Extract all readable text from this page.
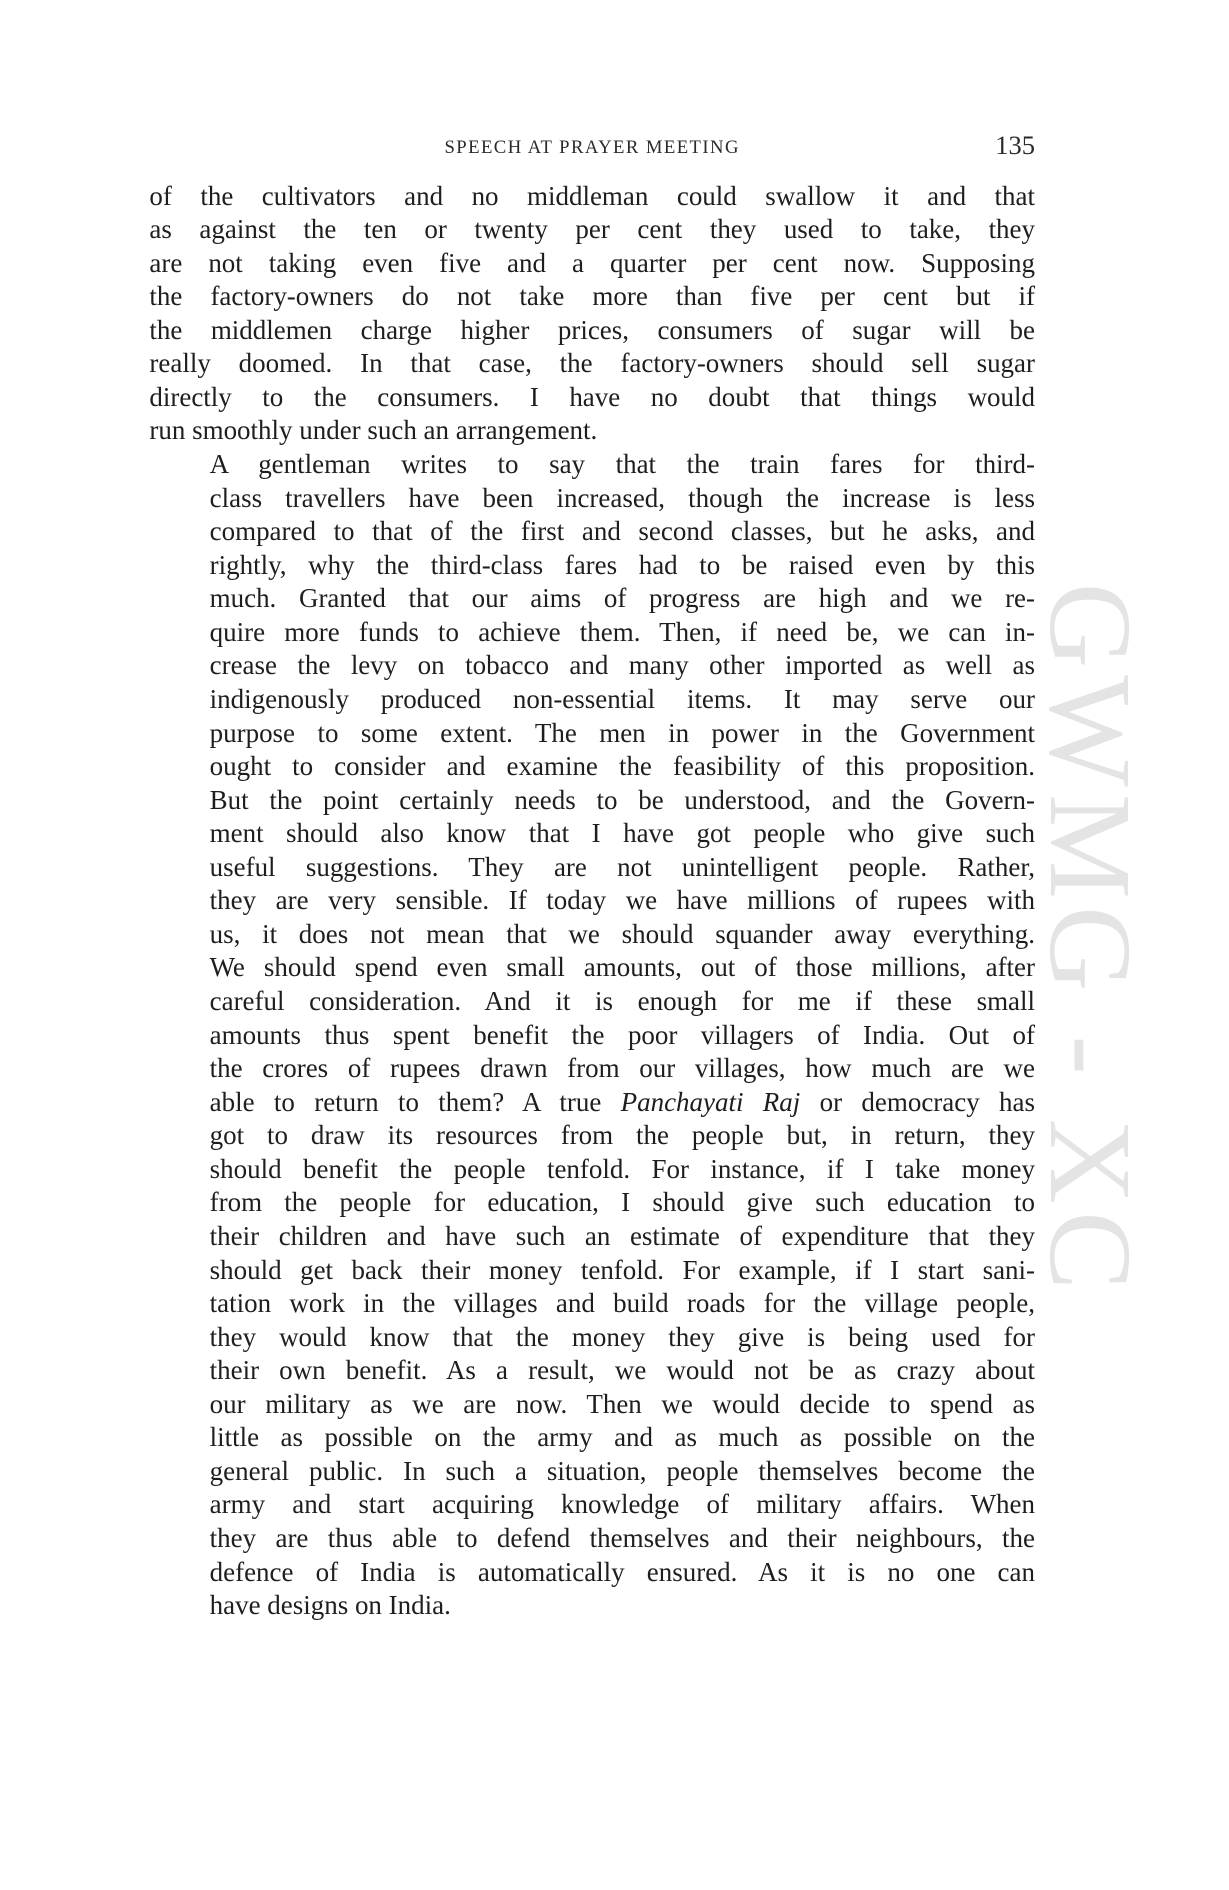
GWMG - XC
SPEECH AT PRAYER MEETING	135

of the cultivators and no middleman could swallow it and that
as against the ten or twenty per cent they used to take, they
are not taking even five and a quarter per cent now. Supposing
the factory-owners do not take more than five per cent but if
the middlemen charge higher prices, consumers of sugar will be
really doomed. In that case, the factory-owners should sell sugar
directly to the consumers. I have no doubt that things would
run smoothly under such an arrangement.

A gentleman writes to say that the train fares for third-
class travellers have been increased, though the increase is less
compared to that of the first and second classes, but he asks, and
rightly, why the third-class fares had to be raised even by this
much. Granted that our aims of progress are high and we re-
quire more funds to achieve them. Then, if need be, we can in-
crease the levy on tobacco and many other imported as well as
indigenously produced non-essential items. It may serve our
purpose to some extent. The men in power in the Government
ought to consider and examine the feasibility of this proposition.
But the point certainly needs to be understood, and the Govern-
ment should also know that I have got people who give such
useful suggestions. They are not unintelligent people. Rather,
they are very sensible. If today we have millions of rupees with
us, it does not mean that we should squander away everything.
We should spend even small amounts, out of those millions, after
careful consideration. And it is enough for me if these small
amounts thus spent benefit the poor villagers of India. Out of
the crores of rupees drawn from our villages, how much are we
able to return to them? A true Panchayati Raj or democracy has
got to draw its resources from the people but, in return, they
should benefit the people tenfold. For instance, if I take money
from the people for education, I should give such education to
their children and have such an estimate of expenditure that they
should get back their money tenfold. For example, if I start sani-
tation work in the villages and build roads for the village people,
they would know that the money they give is being used for
their own benefit. As a result, we would not be as crazy about
our military as we are now. Then we would decide to spend as
little as possible on the army and as much as possible on the
general public. In such a situation, people themselves become the
army and start acquiring knowledge of military affairs. When
they are thus able to defend themselves and their neighbours, the
defence of India is automatically ensured. As it is no one can
have designs on India.
